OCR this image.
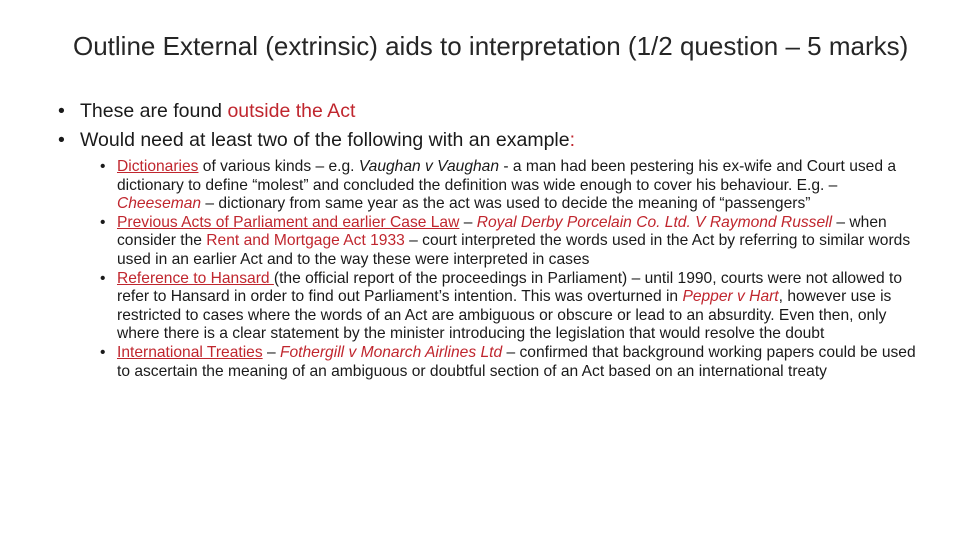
Outline External (extrinsic) aids to interpretation (1/2 question – 5 marks)
• These are found outside the Act
• Would need at least two of the following with an example:
• Dictionaries of various kinds – e.g. Vaughan v Vaughan - a man had been pestering his ex-wife and Court used a dictionary to define “molest” and concluded the definition was wide enough to cover his behaviour. E.g. – Cheeseman – dictionary from same year as the act was used to decide the meaning of “passengers”
• Previous Acts of Parliament and earlier Case Law – Royal Derby Porcelain Co. Ltd. V Raymond Russell – when consider the Rent and Mortgage Act 1933 – court interpreted the words used in the Act by referring to similar words used in an earlier Act and to the way these were interpreted in cases
• Reference to Hansard (the official report of the proceedings in Parliament) – until 1990, courts were not allowed to refer to Hansard in order to find out Parliament’s intention. This was overturned in Pepper v Hart, however use is restricted to cases where the words of an Act are ambiguous or obscure or lead to an absurdity. Even then, only where there is a clear statement by the minister introducing the legislation that would resolve the doubt
• International Treaties – Fothergill v Monarch Airlines Ltd – confirmed that background working papers could be used to ascertain the meaning of an ambiguous or doubtful section of an Act based on an international treaty
